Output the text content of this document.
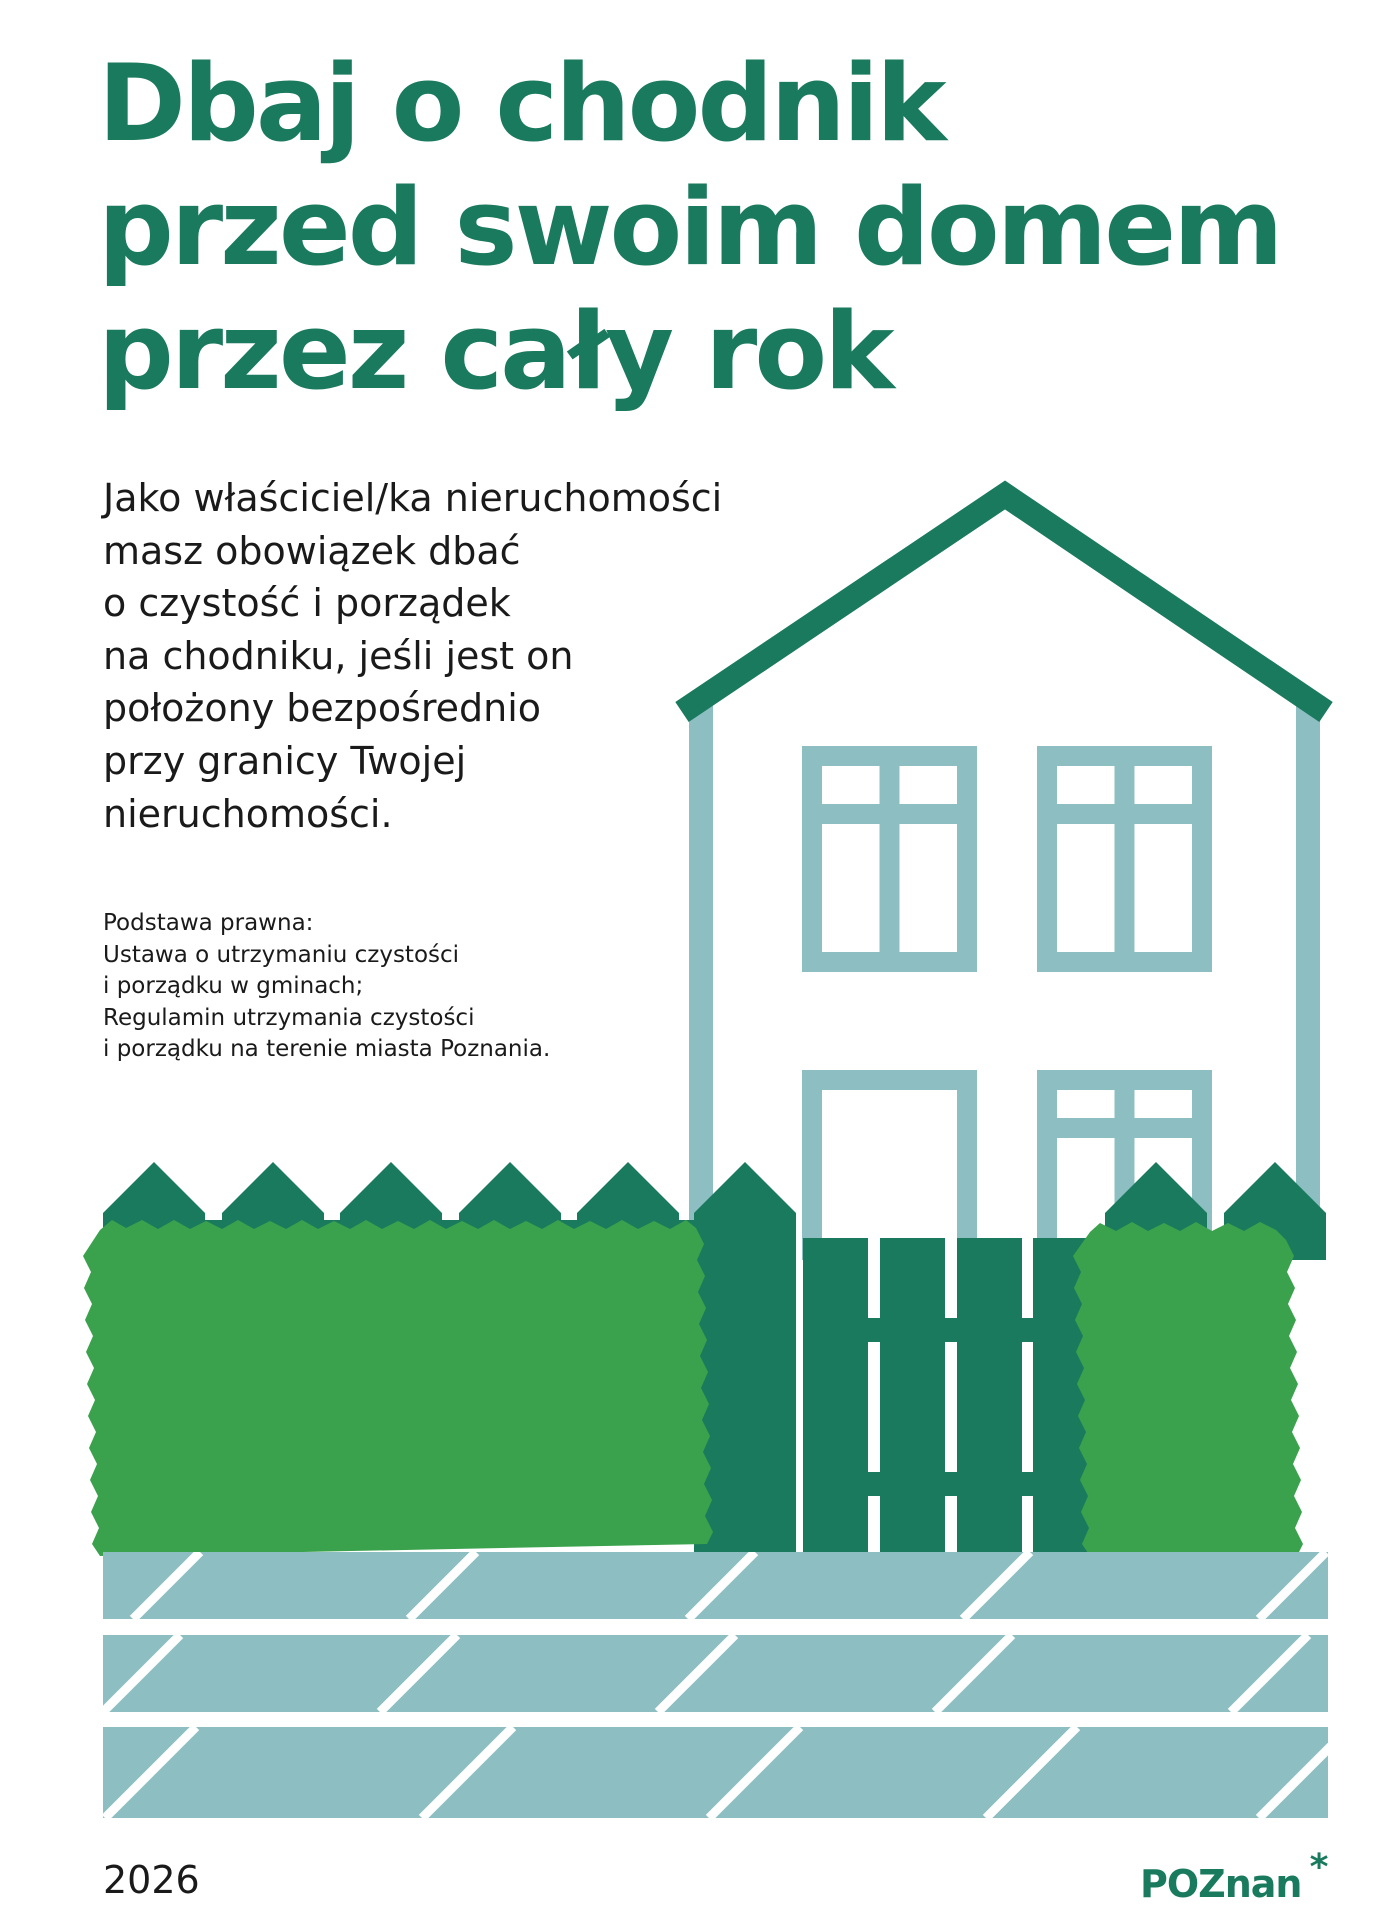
Dbaj o chodnik
przed swoim domem
przez cały rok

Jako właściciel/ka nieruchomości
masz obowiązek dbać
o czystość i porządek
na chodniku, jeśli jest on
położony bezpośrednio
przy granicy Twojej
nieruchomości.

Podstawa prawna:
Ustawa o utrzymaniu czystości
i porządku w gminach;
Regulamin utrzymania czystości
i porządku na terenie miasta Poznania.

2026	POZnan *
